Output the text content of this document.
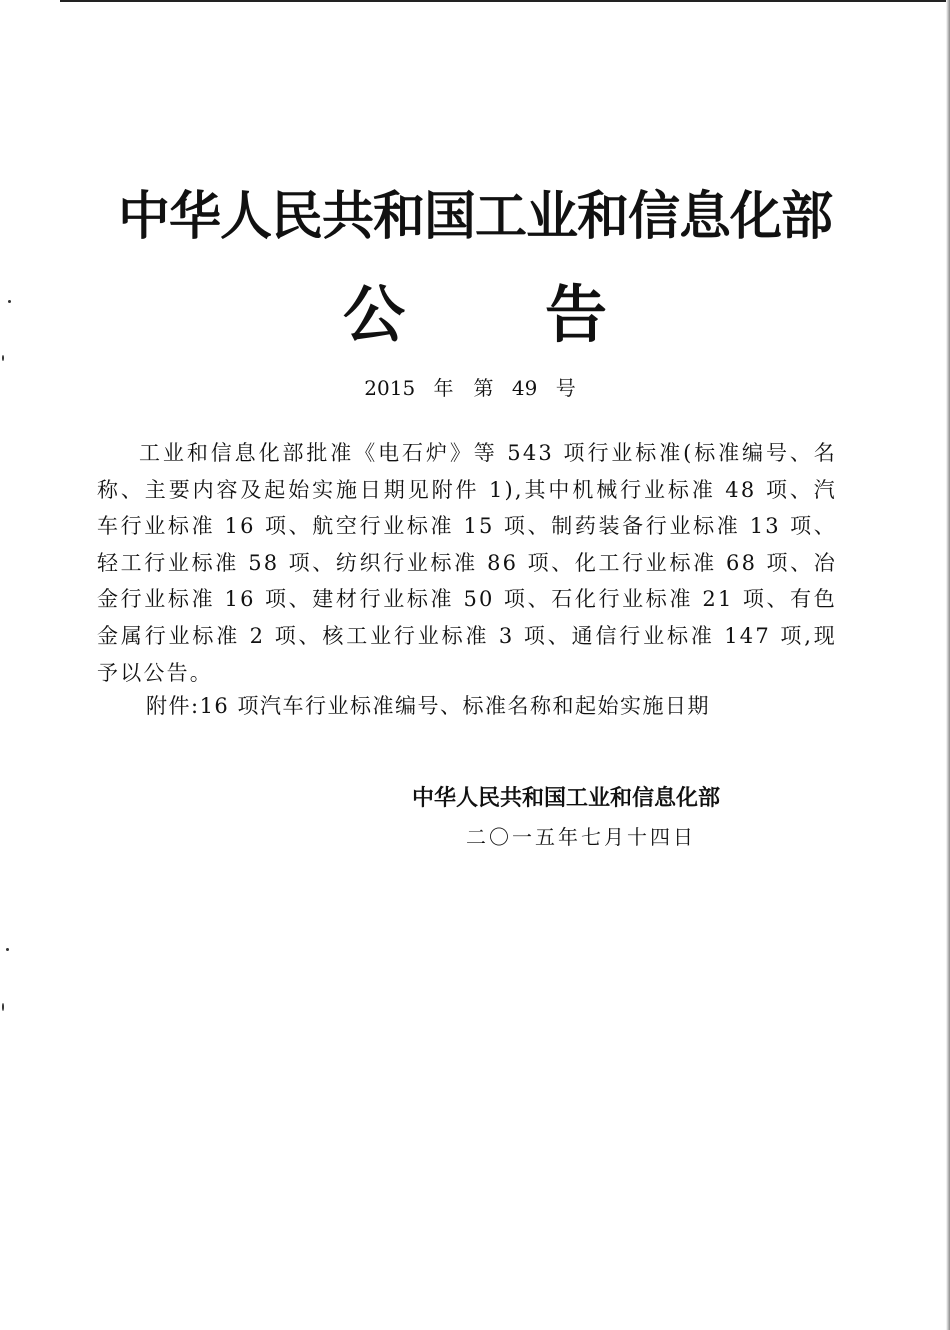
中华人民共和国工业和信息化部
公 告
2015 年　第 49 号

工业和信息化部批准《电石炉》等 543 项行业标准(标准编号、名称、主要内容及起始实施日期见附件 1),其中机械行业标准 48 项、汽车行业标准 16 项、航空行业标准 15 项、制药装备行业标准 13 项、轻工行业标准 58 项、纺织行业标准 86 项、化工行业标准 68 项、冶金行业标准 16 项、建材行业标准 50 项、石化行业标准 21 项、有色金属行业标准 2 项、核工业行业标准 3 项、通信行业标准 147 项,现予以公告。

附件:16 项汽车行业标准编号、标准名称和起始实施日期
中华人民共和国工业和信息化部
二〇一五年七月十四日
